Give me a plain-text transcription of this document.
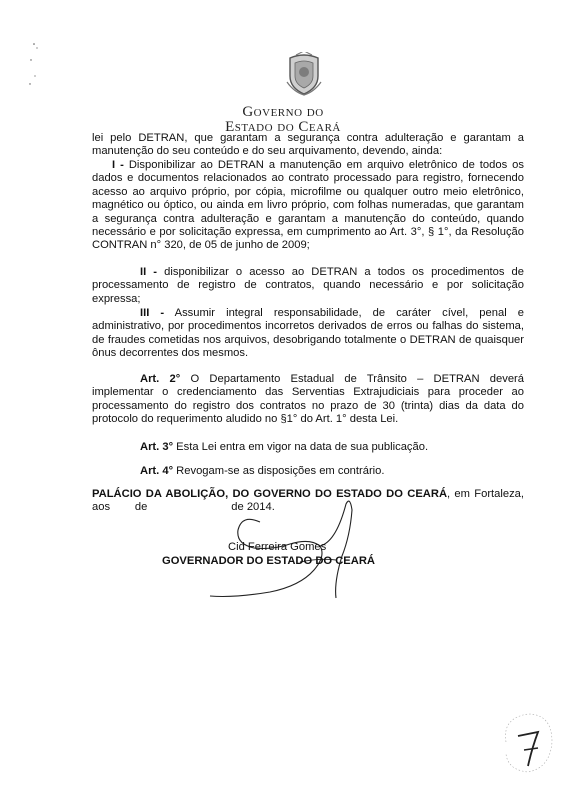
Governo do
Estado do Ceará

lei pelo DETRAN, que garantam a segurança contra adulteração e garantam a manutenção do seu conteúdo e do seu arquivamento, devendo, ainda:

I - Disponibilizar ao DETRAN a manutenção em arquivo eletrônico de todos os dados e documentos relacionados ao contrato processado para registro, fornecendo acesso ao arquivo próprio, por cópia, microfilme ou qualquer outro meio eletrônico, magnético ou óptico, ou ainda em livro próprio, com folhas numeradas, que garantam a segurança contra adulteração e garantam a manutenção do conteúdo, quando necessário e por solicitação expressa, em cumprimento ao Art. 3°, § 1°, da Resolução CONTRAN n° 320, de 05 de junho de 2009;

II - disponibilizar o acesso ao DETRAN a todos os procedimentos de processamento de registro de contratos, quando necessário e por solicitação expressa;

III - Assumir integral responsabilidade, de caráter cível, penal e administrativo, por procedimentos incorretos derivados de erros ou falhas do sistema, de fraudes cometidas nos arquivos, desobrigando totalmente o DETRAN de quaisquer ônus decorrentes dos mesmos.

Art. 2° O Departamento Estadual de Trânsito – DETRAN deverá implementar o credenciamento das Serventias Extrajudiciais para proceder ao processamento do registro dos contratos no prazo de 30 (trinta) dias da data do protocolo do requerimento aludido no §1° do Art. 1° desta Lei.

Art. 3° Esta Lei entra em vigor na data de sua publicação.

Art. 4° Revogam-se as disposições em contrário.

PALÁCIO DA ABOLIÇÃO, DO GOVERNO DO ESTADO DO CEARÁ, em Fortaleza, aos        de                           de 2014.

Cid Ferreira Gomes
GOVERNADOR DO ESTADO DO CEARÁ
